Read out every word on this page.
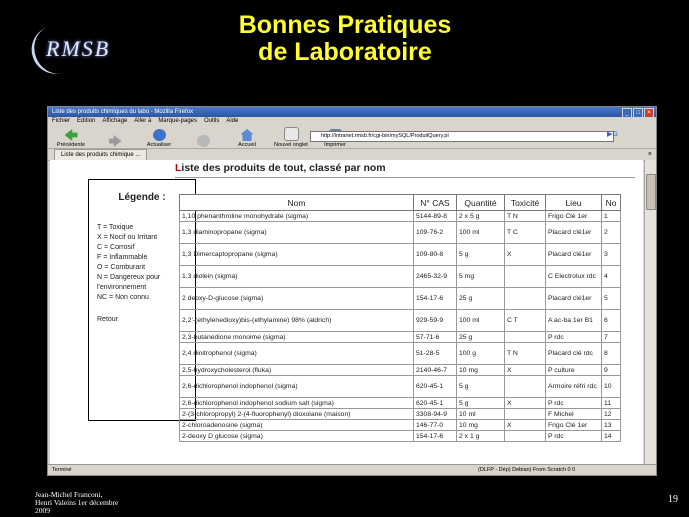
RMSB
Bonnes Pratiques
de Laboratoire
Liste des produits chimiques du labo - Mozilla Firefox	_	□	×
Fichier Edition Affichage Aller à Marque-pages Outils Aide
Précédente	Actualiser	Accueil	Nouvel onglet	Imprimer
http://intranet.rmsb.fr/cgi-bin/mySQL/ProduitQuery.pl	▶G
Liste des produits chimique ...	×
Légende :
T = Toxique
X = Nocif ou Irritant
C = Corrosif
F = Inflammable
O = Comburant
N = Dangereux pour
l'environnement
NC = Non connu
Retour
Liste des produits de tout, classé par nom
Nom	N° CAS	Quantité	Toxicité	Lieu	No
1,10 phenanthroline monohydrate (sigma)	5144-89-8	2 x 5 g	T N	Frigo Clé 1er	1
1,3 diaminopropane (sigma)	109-76-2	100 ml	T C	Placard clé1er	2
1,3 Dimercaptopropane (sigma)	109-80-8	5 g	X	Placard clé1er	3
1,3 diolein (sigma)	2465-32-9	5 mg		C Electrolux rdc	4
2 deoxy-D-glucose (sigma)	154-17-6	25 g		Placard clé1er	5
2,2'-(ethylenedioxy)bis-(ethylamine) 98% (aldrich)	929-59-9	100 ml	C T	A ac-ba 1er B1	6
2,3-butanedione monoime (sigma)	57-71-6	25 g		P rdc	7
2,4 dinitrophenol (sigma)	51-28-5	100 g	T N	Placard clé rdc	8
2,5-hydroxycholesterol (fluka)	2140-46-7	10 mg	X	P culture	9
2,6-dichlorophenol indophenol (sigma)	620-45-1	5 g		Armoire réfri rdc	10
2,6-dichlorophenol indophenol sodium salt (sigma)	620-45-1	5 g	X	P rdc	11
2-(3-chloropropyl) 2-(4-fluorophenyl) dioxolane (maison)	3308-94-9	10 ml		F Michel	12
2-chloroadenosine (sigma)	146-77-0	10 mg	X	Frigo Clé 1er	13
2-deoxy D glucose (sigma)	154-17-6	2 x 1 g		P rdc	14
Terminé	(DLFP - Dép) Debian) From Scratch 0 0
Jean-Michel Franconi,
Henri Valeins 1er décembre
2009
19
